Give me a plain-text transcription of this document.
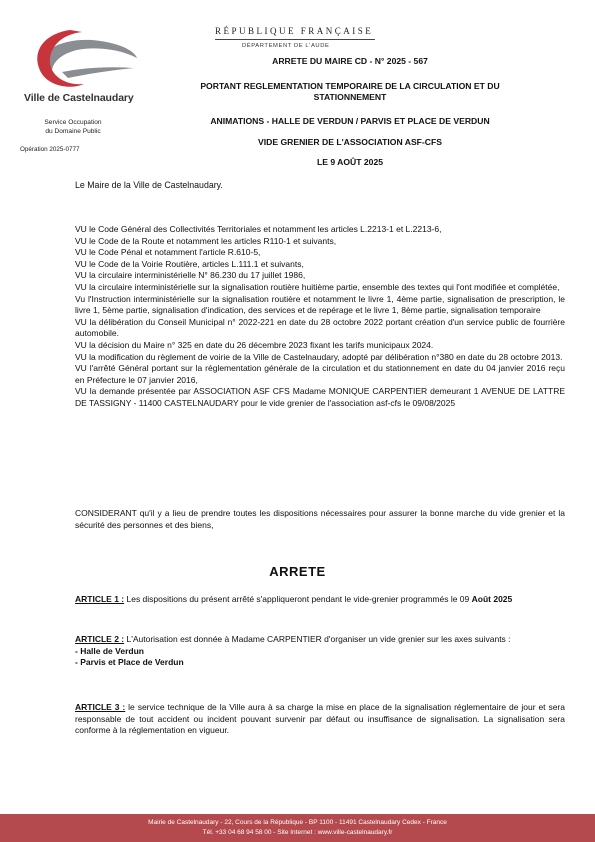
Ville de Castelnaudary
Service Occupation
du Domaine Public
Opération 2025-0777
RÉPUBLIQUE FRANÇAISE
DÉPARTEMENT DE L'AUDE
ARRETE DU MAIRE CD - N° 2025 - 567
PORTANT REGLEMENTATION TEMPORAIRE DE LA CIRCULATION ET DU
STATIONNEMENT
ANIMATIONS - HALLE DE VERDUN / PARVIS ET PLACE DE VERDUN
VIDE GRENIER DE L'ASSOCIATION ASF-CFS
LE 9 AOÛT 2025
Le Maire de la Ville de Castelnaudary.

VU le Code Général des Collectivités Territoriales et notamment les articles L.2213-1 et L.2213-6,

VU le Code de la Route et notamment les articles R110-1 et suivants,

VU le Code Pénal et notamment l'article R.610-5,

VU le Code de la Voirie Routière, articles L.111.1 et suivants,

VU la circulaire interministérielle N° 86.230 du 17 juillet 1986,

VU la circulaire interministérielle sur la signalisation routière huitième partie, ensemble des textes qui l'ont modifiée et complétée,

Vu l'Instruction interministérielle sur la signalisation routière et notamment le livre 1, 4ème partie, signalisation de prescription, le livre 1, 5ème partie, signalisation d'indication, des services et de repérage et le livre 1, 8ème partie, signalisation temporaire

VU la délibération du Conseil Municipal n° 2022-221 en date du 28 octobre 2022 portant création d'un service public de fourrière automobile.

VU la décision du Maire n° 325 en date du 26 décembre 2023 fixant les tarifs municipaux 2024.

VU la modification du règlement de voirie de la Ville de Castelnaudary, adopté par délibération n°380 en date du 28 octobre 2013.

VU l'arrêté Général portant sur la réglementation générale de la circulation et du stationnement en date du 04 janvier 2016 reçu en Préfecture le 07 janvier 2016,

VU la demande présentée par ASSOCIATION ASF CFS Madame MONIQUE CARPENTIER demeurant 1 AVENUE DE LATTRE DE TASSIGNY - 11400 CASTELNAUDARY pour le vide grenier de l'association asf-cfs le 09/08/2025

CONSIDERANT qu'il y a lieu de prendre toutes les dispositions nécessaires pour assurer la bonne marche du vide grenier et la sécurité des personnes et des biens,
ARRETE

ARTICLE 1 : Les dispositions du présent arrêté s'appliqueront pendant le vide-grenier programmés le 09 Août 2025

ARTICLE 2 : L'Autorisation est donnée à Madame CARPENTIER d'organiser un vide grenier sur les axes suivants :

- Halle de Verdun

- Parvis et Place de Verdun

ARTICLE 3 : le service technique de la Ville aura à sa charge la mise en place de la signalisation réglementaire de jour et sera responsable de tout accident ou incident pouvant survenir par défaut ou insuffisance de signalisation. La signalisation sera conforme à la réglementation en vigueur.

Mairie de Castelnaudary - 22, Cours de la République - BP 1100 - 11491 Castelnaudary Cedex - France
Tél. +33 04 68 94 58 00 - Site Internet : www.ville-castelnaudary.fr
